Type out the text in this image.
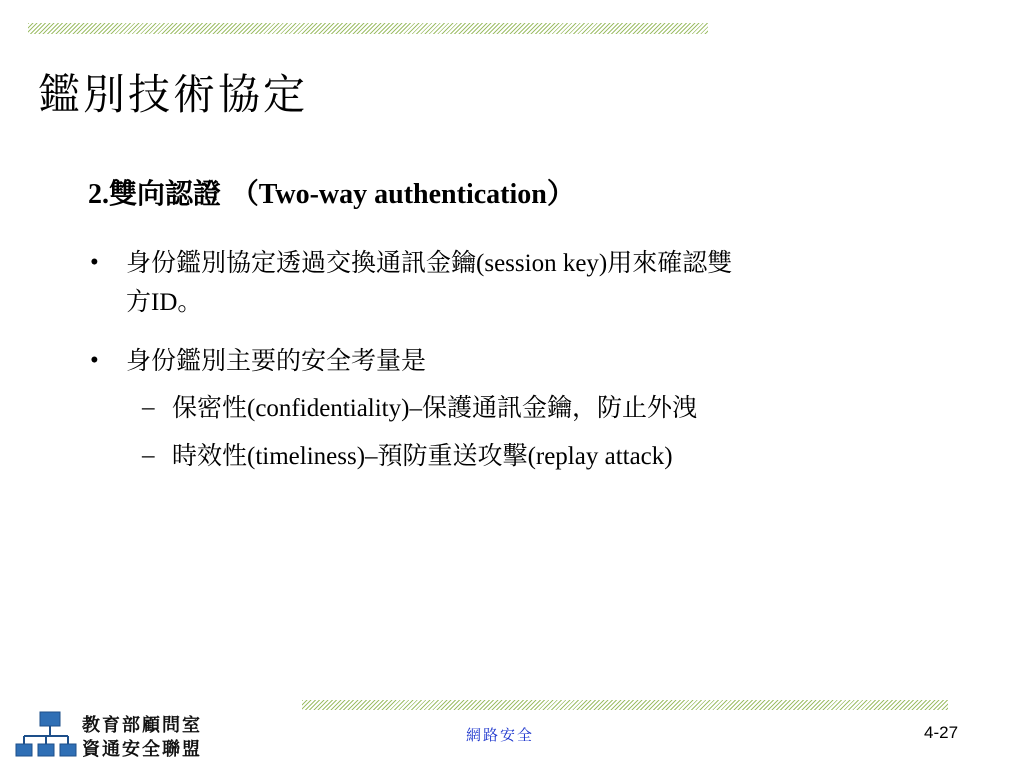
鑑別技術協定
2.雙向認證 （Two-way authentication）
• 身份鑑別協定透過交換通訊金鑰(session key)用來確認雙
方ID。
• 身份鑑別主要的安全考量是
– 保密性(confidentiality)–保護通訊金鑰，防止外洩
– 時效性(timeliness)–預防重送攻擊(replay attack)
教育部顧問室
資通安全聯盟
網路安全	4-27
